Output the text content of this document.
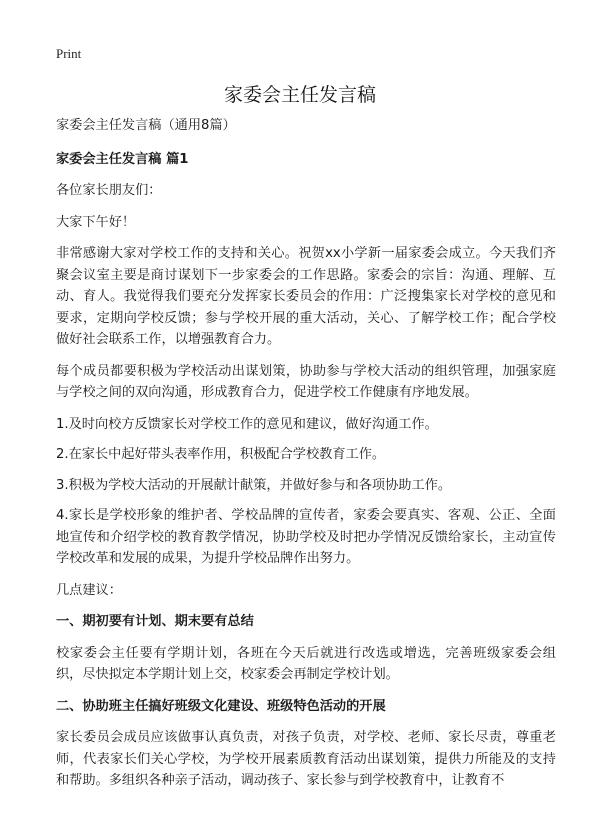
Print
家委会主任发言稿

家委会主任发言稿（通用8篇）

家委会主任发言稿 篇1

各位家长朋友们：

大家下午好！

非常感谢大家对学校工作的支持和关心。祝贺xx小学新一届家委会成立。今天我们齐聚会议室主要是商讨谋划下一步家委会的工作思路。家委会的宗旨：沟通、理解、互动、育人。我觉得我们要充分发挥家长委员会的作用：广泛搜集家长对学校的意见和要求，定期向学校反馈；参与学校开展的重大活动，关心、了解学校工作；配合学校做好社会联系工作，以增强教育合力。

每个成员都要积极为学校活动出谋划策，协助参与学校大活动的组织管理，加强家庭与学校之间的双向沟通，形成教育合力，促进学校工作健康有序地发展。

1.及时向校方反馈家长对学校工作的意见和建议，做好沟通工作。

2.在家长中起好带头表率作用，积极配合学校教育工作。

3.积极为学校大活动的开展献计献策，并做好参与和各项协助工作。

4.家长是学校形象的维护者、学校品牌的宣传者，家委会要真实、客观、公正、全面地宣传和介绍学校的教育教学情况，协助学校及时把办学情况反馈给家长，主动宣传学校改革和发展的成果，为提升学校品牌作出努力。

几点建议：

一、期初要有计划、期末要有总结

校家委会主任要有学期计划，各班在今天后就进行改选或增选，完善班级家委会组织，尽快拟定本学期计划上交，校家委会再制定学校计划。

二、协助班主任搞好班级文化建设、班级特色活动的开展

家长委员会成员应该做事认真负责，对孩子负责，对学校、老师、家长尽责，尊重老师，代表家长们关心学校，为学校开展素质教育活动出谋划策，提供力所能及的支持和帮助。多组织各种亲子活动，调动孩子、家长参与到学校教育中，让教育不
